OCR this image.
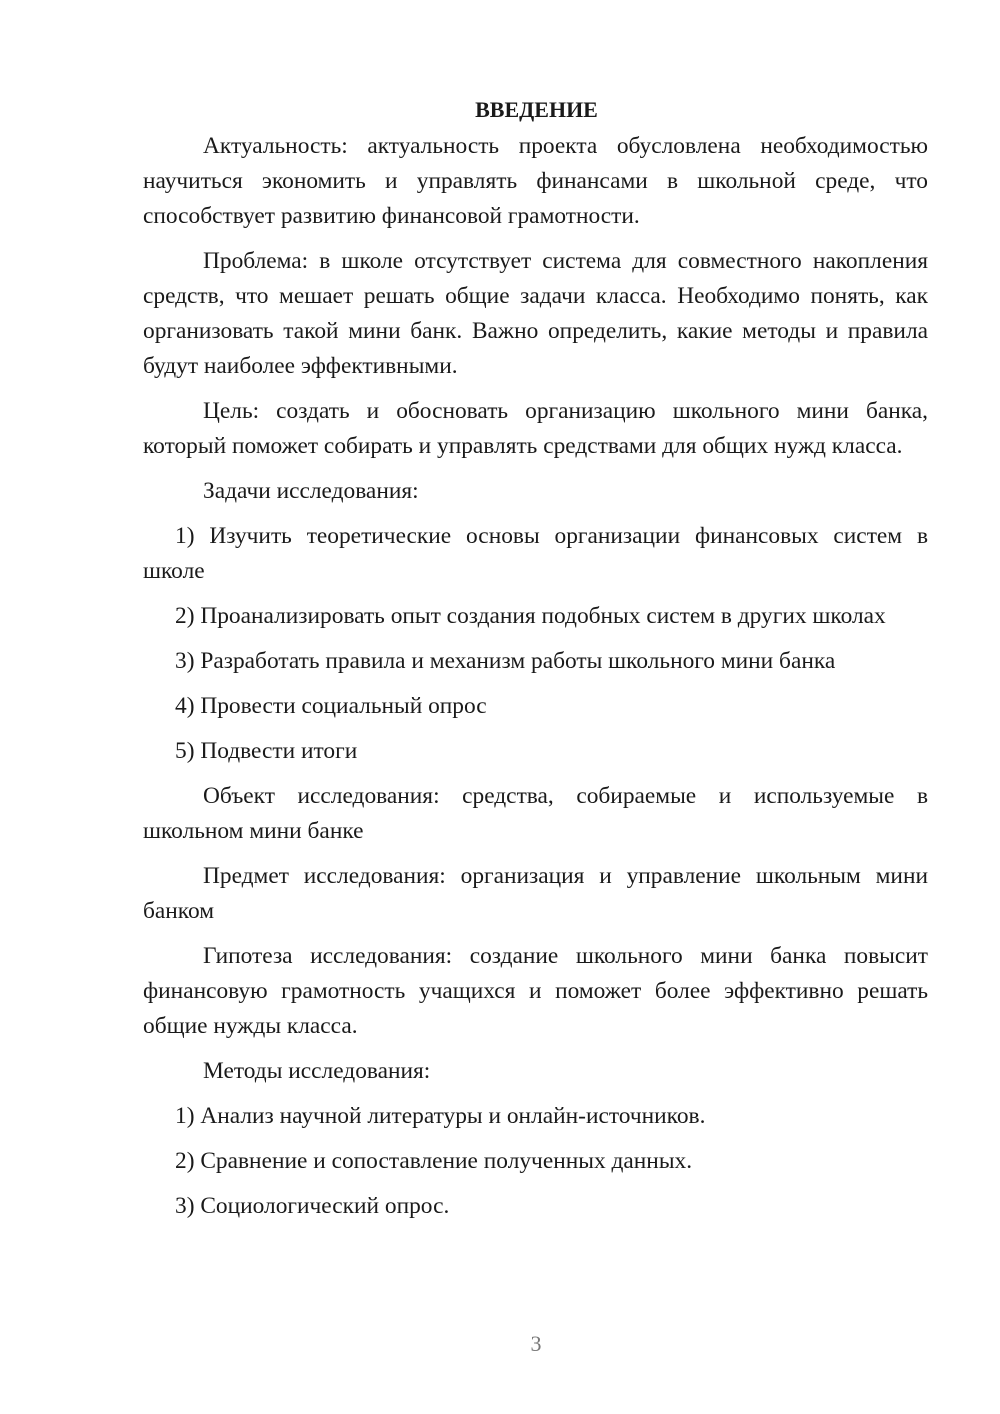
ВВЕДЕНИЕ

Актуальность: актуальность проекта обусловлена необходимостью научиться экономить и управлять финансами в школьной среде, что способствует развитию финансовой грамотности.

Проблема: в школе отсутствует система для совместного накопления средств, что мешает решать общие задачи класса. Необходимо понять, как организовать такой мини банк. Важно определить, какие методы и правила будут наиболее эффективными.

Цель: создать и обосновать организацию школьного мини банка, который поможет собирать и управлять средствами для общих нужд класса.

Задачи исследования:

1) Изучить теоретические основы организации финансовых систем в школе

2) Проанализировать опыт создания подобных систем в других школах

3) Разработать правила и механизм работы школьного мини банка

4) Провести социальный опрос

5) Подвести итоги

Объект исследования: средства, собираемые и используемые в школьном мини банке

Предмет исследования: организация и управление школьным мини банком

Гипотеза исследования: создание школьного мини банка повысит финансовую грамотность учащихся и поможет более эффективно решать общие нужды класса.

Методы исследования:

1) Анализ научной литературы и онлайн-источников.

2) Сравнение и сопоставление полученных данных.

3) Социологический опрос.

3
